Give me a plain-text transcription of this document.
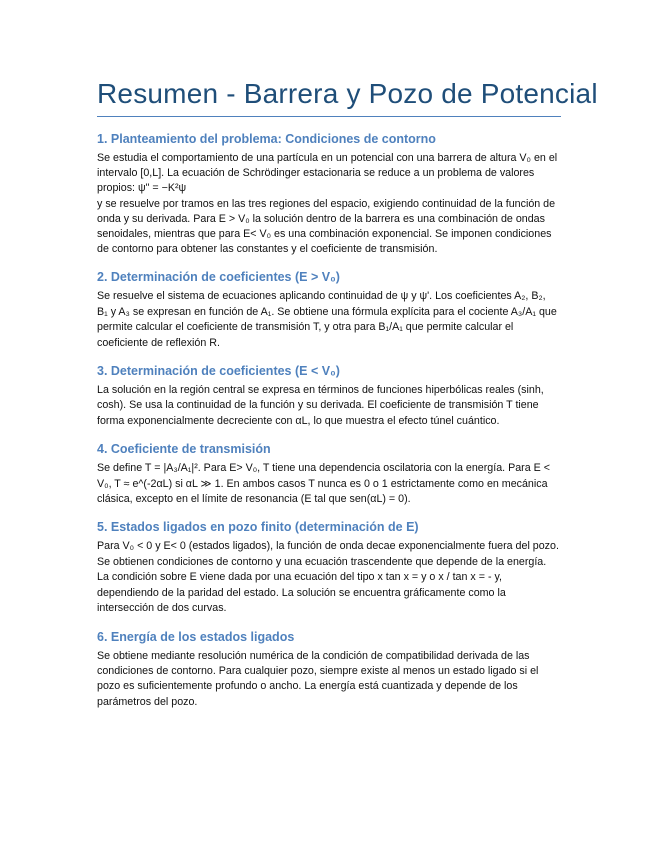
Resumen - Barrera y Pozo de Potencial
1. Planteamiento del problema: Condiciones de contorno

Se estudia el comportamiento de una partícula en un potencial con una barrera de altura V₀ en el intervalo [0,L]. La ecuación de Schrödinger estacionaria se reduce a un problema de valores propios: ψ" = −K²ψ

y se resuelve por tramos en las tres regiones del espacio, exigiendo continuidad de la función de onda y su derivada. Para E > V₀ la solución dentro de la barrera es una combinación de ondas senoidales, mientras que para E< V₀ es una combinación exponencial. Se imponen condiciones de contorno para obtener las constantes y el coeficiente de transmisión.

2. Determinación de coeficientes (E > V₀)

Se resuelve el sistema de ecuaciones aplicando continuidad de ψ y ψ'. Los coeficientes A₂, B₂, B₁ y A₃ se expresan en función de A₁. Se obtiene una fórmula explícita para el cociente A₃/A₁ que permite calcular el coeficiente de transmisión T, y otra para B₁/A₁ que permite calcular el coeficiente de reflexión R.

3. Determinación de coeficientes (E < V₀)

La solución en la región central se expresa en términos de funciones hiperbólicas reales (sinh, cosh). Se usa la continuidad de la función y su derivada. El coeficiente de transmisión T tiene forma exponencialmente decreciente con αL, lo que muestra el efecto túnel cuántico.

4. Coeficiente de transmisión

Se define T = |A₃/A₁|². Para E> V₀, T tiene una dependencia oscilatoria con la energía. Para E < V₀, T ≈ e^(-2αL) si αL ≫ 1. En ambos casos T nunca es 0 o 1 estrictamente como en mecánica clásica, excepto en el límite de resonancia (E tal que sen(αL) = 0).

5. Estados ligados en pozo finito (determinación de E)

Para V₀ < 0 y E< 0 (estados ligados), la función de onda decae exponencialmente fuera del pozo. Se obtienen condiciones de contorno y una ecuación trascendente que depende de la energía. La condición sobre E viene dada por una ecuación del tipo x tan x = y o x / tan x = - y, dependiendo de la paridad del estado. La solución se encuentra gráficamente como la intersección de dos curvas.

6. Energía de los estados ligados

Se obtiene mediante resolución numérica de la condición de compatibilidad derivada de las condiciones de contorno. Para cualquier pozo, siempre existe al menos un estado ligado si el pozo es suficientemente profundo o ancho. La energía está cuantizada y depende de los parámetros del pozo.
